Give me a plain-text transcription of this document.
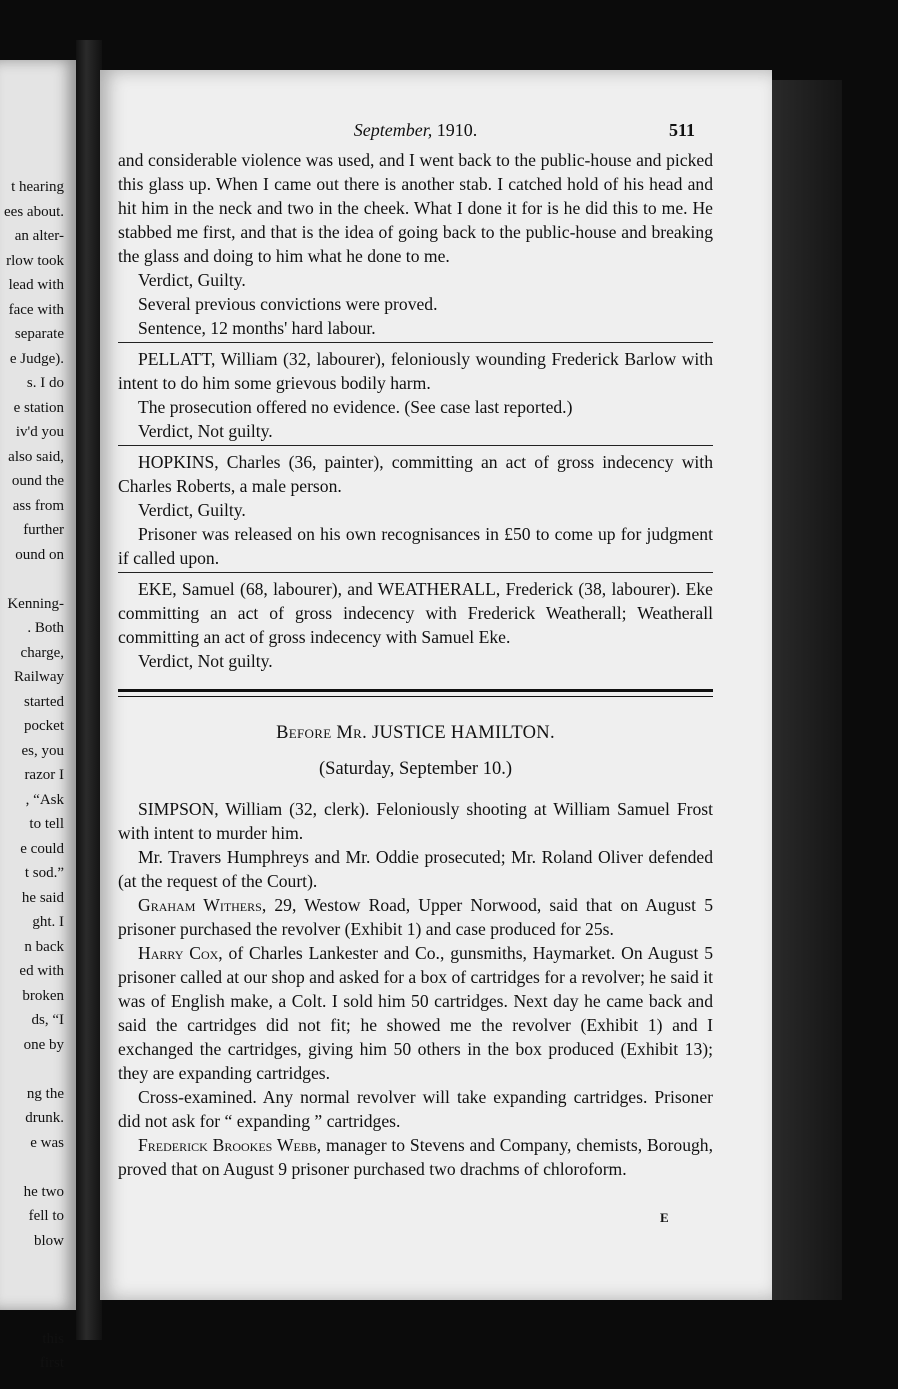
t hearing
ees about.
an alter-
rlow took
lead with
face with
separate
e Judge).
s. I do
e station
iv'd you
also said,
ound the
ass from
further
ound on
Kenning-
. Both
charge,
Railway
started
pocket
es, you
razor I
, “Ask
to tell
e could
t sod.”
he said
ght. I
n back
ed with
broken
ds, “I
one by
ng the
drunk.
e was
he two
fell to
blow
this
first
September, 1910.	511

and considerable violence was used, and I went back to the public-house and picked this glass up. When I came out there is another stab. I catched hold of his head and hit him in the neck and two in the cheek. What I done it for is he did this to me. He stabbed me first, and that is the idea of going back to the public-house and breaking the glass and doing to him what he done to me.

Verdict, Guilty.

Several previous convictions were proved.

Sentence, 12 months' hard labour.

PELLATT, William (32, labourer), feloniously wounding Frederick Barlow with intent to do him some grievous bodily harm.

The prosecution offered no evidence. (See case last reported.)

Verdict, Not guilty.

HOPKINS, Charles (36, painter), committing an act of gross indecency with Charles Roberts, a male person.

Verdict, Guilty.

Prisoner was released on his own recognisances in £50 to come up for judgment if called upon.

EKE, Samuel (68, labourer), and WEATHERALL, Frederick (38, labourer). Eke committing an act of gross indecency with Frederick Weatherall; Weatherall committing an act of gross indecency with Samuel Eke.

Verdict, Not guilty.

Before Mr. JUSTICE HAMILTON.

(Saturday, September 10.)

SIMPSON, William (32, clerk). Feloniously shooting at William Samuel Frost with intent to murder him.

Mr. Travers Humphreys and Mr. Oddie prosecuted; Mr. Roland Oliver defended (at the request of the Court).

Graham Withers, 29, Westow Road, Upper Norwood, said that on August 5 prisoner purchased the revolver (Exhibit 1) and case produced for 25s.

Harry Cox, of Charles Lankester and Co., gunsmiths, Haymarket. On August 5 prisoner called at our shop and asked for a box of cartridges for a revolver; he said it was of English make, a Colt. I sold him 50 cartridges. Next day he came back and said the cartridges did not fit; he showed me the revolver (Exhibit 1) and I exchanged the cartridges, giving him 50 others in the box produced (Exhibit 13); they are expanding cartridges.

Cross-examined. Any normal revolver will take expanding cartridges. Prisoner did not ask for “ expanding ” cartridges.

Frederick Brookes Webb, manager to Stevens and Company, chemists, Borough, proved that on August 9 prisoner purchased two drachms of chloroform.

E
